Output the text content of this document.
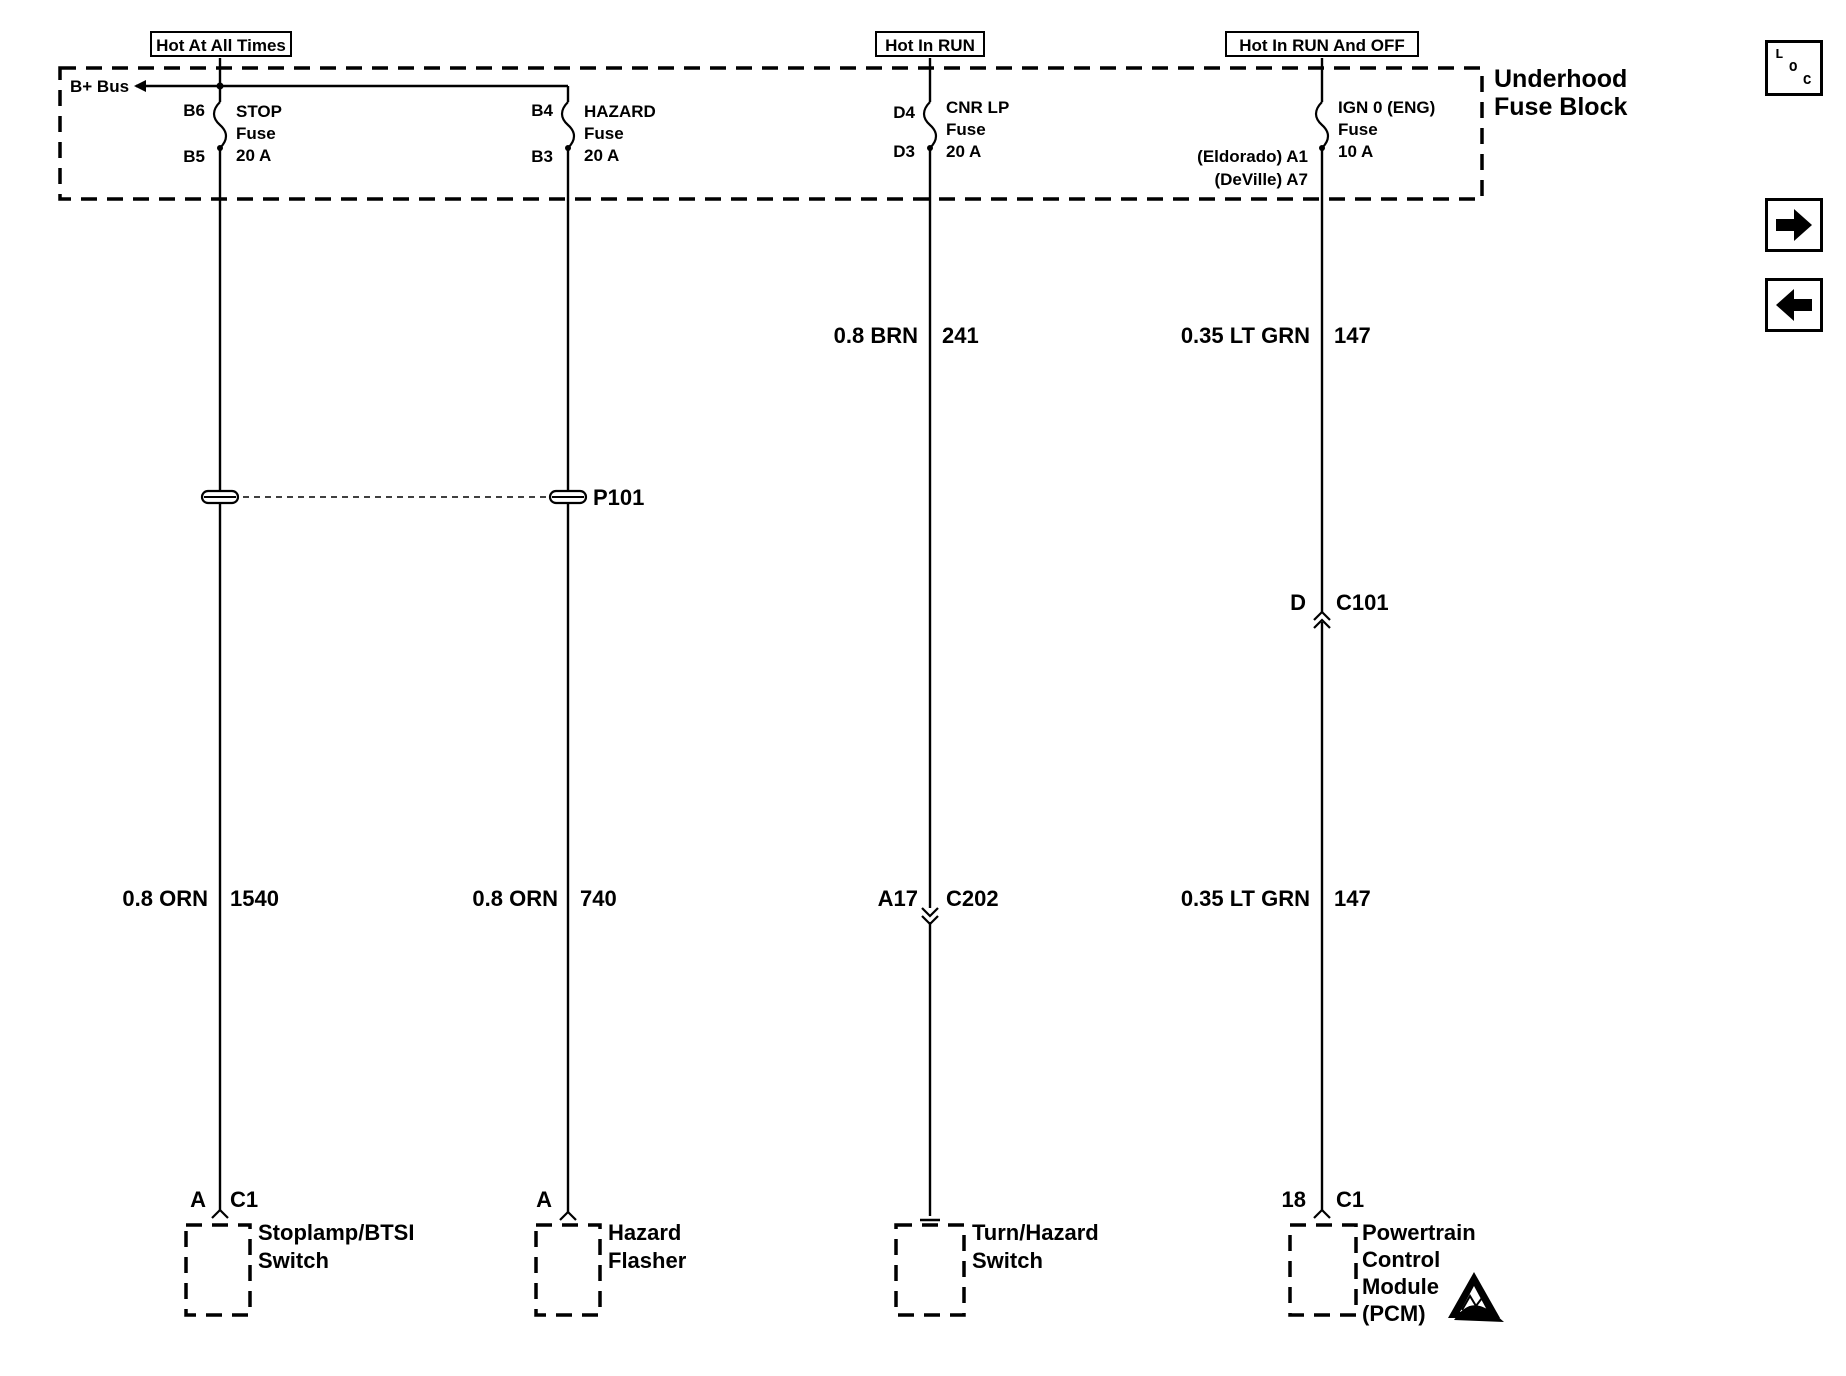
Hot At All Times	Hot In RUN	Hot In RUN And OFF
Underhood
Fuse Block
B+ Bus
B6
B5
STOP
Fuse
20 A
B4
B3
HAZARD
Fuse
20 A
D4
D3
CNR LP
Fuse
20 A
IGN 0 (ENG)
Fuse
10 A
(Eldorado) A1
(DeVille) A7
0.8 BRN 241	0.35 LT GRN 147
P101
D C101
A17 C202
0.8 ORN 1540	0.8 ORN 740	0.35 LT GRN 147
A C1
Stoplamp/BTSI
Switch
A
Hazard
Flasher
Turn/Hazard
Switch
18 C1
Powertrain
Control
Module
(PCM)
L
O
C
